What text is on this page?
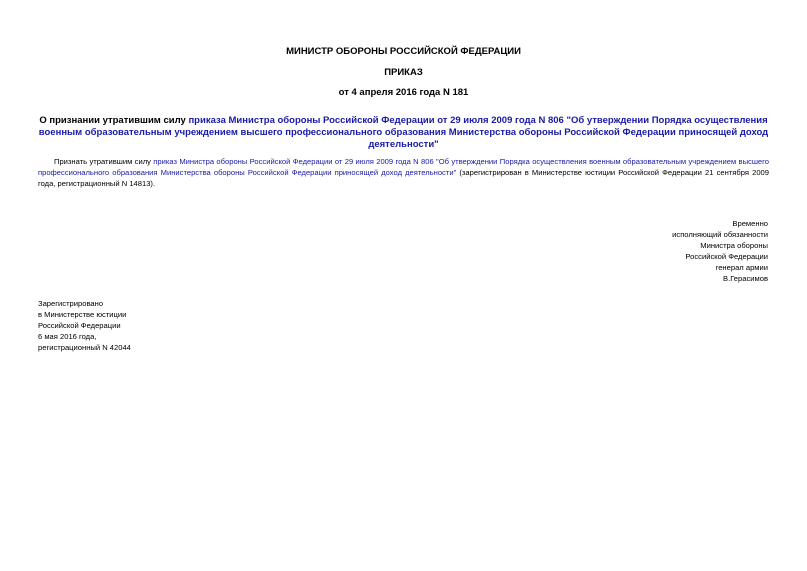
МИНИСТР ОБОРОНЫ РОССИЙСКОЙ ФЕДЕРАЦИИ
ПРИКАЗ
от 4 апреля 2016 года N 181
О признании утратившим силу приказа Министра обороны Российской Федерации от 29 июля 2009 года N 806 "Об утверждении Порядка осуществления военным образовательным учреждением высшего профессионального образования Министерства обороны Российской Федерации приносящей доход деятельности"
Признать утратившим силу приказ Министра обороны Российской Федерации от 29 июля 2009 года N 806 "Об утверждении Порядка осуществления военным образовательным учреждением высшего профессионального образования Министерства обороны Российской Федерации приносящей доход деятельности" (зарегистрирован в Министерстве юстиции Российской Федерации 21 сентября 2009 года, регистрационный N 14813).
Временно
исполняющий обязанности
Министра обороны
Российской Федерации
генерал армии
В.Герасимов
Зарегистрировано
в Министерстве юстиции
Российской Федерации
6 мая 2016 года,
регистрационный N 42044
